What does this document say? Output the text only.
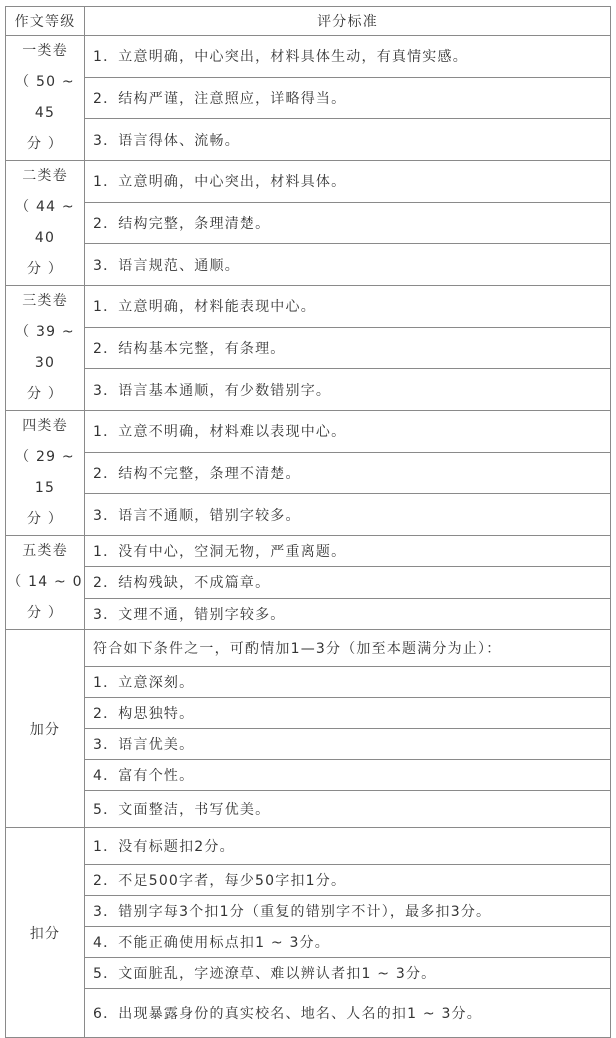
作文等级	评分标准

一类卷
（ 50 ~ 45
分 ）	1．立意明确，中心突出，材料具体生动，有真情实感。
	2．结构严谨，注意照应，详略得当。
	3．语言得体、流畅。

二类卷
（ 44 ~ 40
分 ）	1．立意明确，中心突出，材料具体。
	2．结构完整，条理清楚。
	3．语言规范、通顺。

三类卷
（ 39 ~ 30
分 ）	1．立意明确，材料能表现中心。
	2．结构基本完整，有条理。
	3．语言基本通顺，有少数错别字。

四类卷
（ 29 ~ 15
分 ）	1．立意不明确，材料难以表现中心。
	2．结构不完整，条理不清楚。
	3．语言不通顺，错别字较多。

五类卷
（ 14 ~ 0
分 ）	1．没有中心，空洞无物，严重离题。
	2．结构残缺，不成篇章。
	3．文理不通，错别字较多。
加分	符合如下条件之一，可酌情加1—3分（加至本题满分为止）：
	1．立意深刻。
	2．构思独特。
	3．语言优美。
	4．富有个性。
	5．文面整洁，书写优美。
扣分	1．没有标题扣2分。
	2．不足500字者，每少50字扣1分。
	3．错别字每3个扣1分（重复的错别字不计），最多扣3分。
	4．不能正确使用标点扣1 ~ 3分。
	5．文面脏乱，字迹潦草、难以辨认者扣1 ~ 3分。
	6．出现暴露身份的真实校名、地名、人名的扣1 ~ 3分。
